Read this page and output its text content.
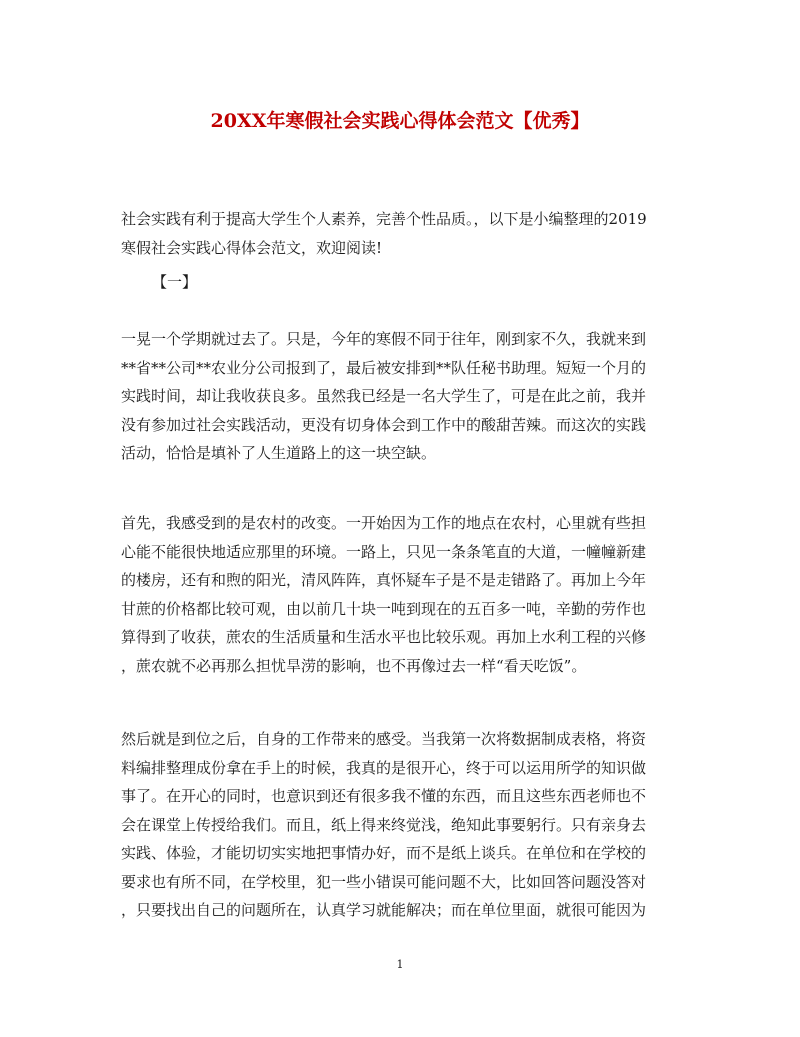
20XX年寒假社会实践心得体会范文【优秀】

社会实践有利于提高大学生个人素养，完善个性品质。，以下是小编整理的2019
寒假社会实践心得体会范文，欢迎阅读!

【一】

一晃一个学期就过去了。只是，今年的寒假不同于往年，刚到家不久，我就来到
**省**公司**农业分公司报到了，最后被安排到**队任秘书助理。短短一个月的
实践时间，却让我收获良多。虽然我已经是一名大学生了，可是在此之前，我并
没有参加过社会实践活动，更没有切身体会到工作中的酸甜苦辣。而这次的实践
活动，恰恰是填补了人生道路上的这一块空缺。

首先，我感受到的是农村的改变。一开始因为工作的地点在农村，心里就有些担
心能不能很快地适应那里的环境。一路上，只见一条条笔直的大道，一幢幢新建
的楼房，还有和煦的阳光，清风阵阵，真怀疑车子是不是走错路了。再加上今年
甘蔗的价格都比较可观，由以前几十块一吨到现在的五百多一吨，辛勤的劳作也
算得到了收获，蔗农的生活质量和生活水平也比较乐观。再加上水利工程的兴修
，蔗农就不必再那么担忧旱涝的影响，也不再像过去一样“看天吃饭”。

然后就是到位之后，自身的工作带来的感受。当我第一次将数据制成表格，将资
料编排整理成份拿在手上的时候，我真的是很开心，终于可以运用所学的知识做
事了。在开心的同时，也意识到还有很多我不懂的东西，而且这些东西老师也不
会在课堂上传授给我们。而且，纸上得来终觉浅，绝知此事要躬行。只有亲身去
实践、体验，才能切切实实地把事情办好，而不是纸上谈兵。在单位和在学校的
要求也有所不同，在学校里，犯一些小错误可能问题不大，比如回答问题没答对
，只要找出自己的问题所在，认真学习就能解决；而在单位里面，就很可能因为

1
